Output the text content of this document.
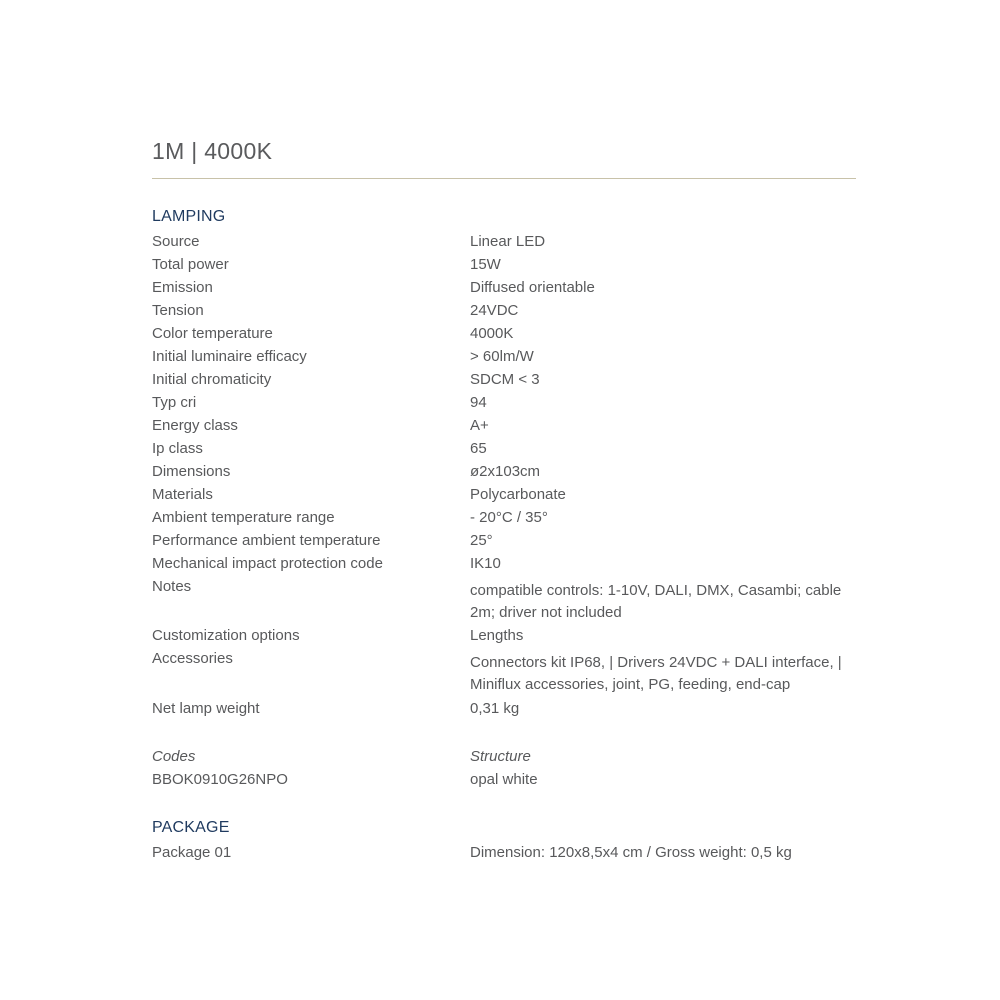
1M | 4000K
LAMPING
Source	Linear LED
Total power	15W
Emission	Diffused orientable
Tension	24VDC
Color temperature	4000K
Initial luminaire efficacy	> 60lm/W
Initial chromaticity	SDCM < 3
Typ cri	94
Energy class	A+
Ip class	65
Dimensions	ø2x103cm
Materials	Polycarbonate
Ambient temperature range	- 20°C / 35°
Performance ambient temperature	25°
Mechanical impact protection code	IK10
Notes	compatible controls: 1-10V, DALI, DMX, Casambi; cable
2m; driver not included
Customization options	Lengths
Accessories	Connectors kit IP68, | Drivers 24VDC + DALI interface, |
Miniflux accessories, joint, PG, feeding, end-cap
Net lamp weight	0,31 kg
Codes	Structure
BBOK0910G26NPO	opal white
PACKAGE
Package 01	Dimension: 120x8,5x4 cm / Gross weight: 0,5 kg
